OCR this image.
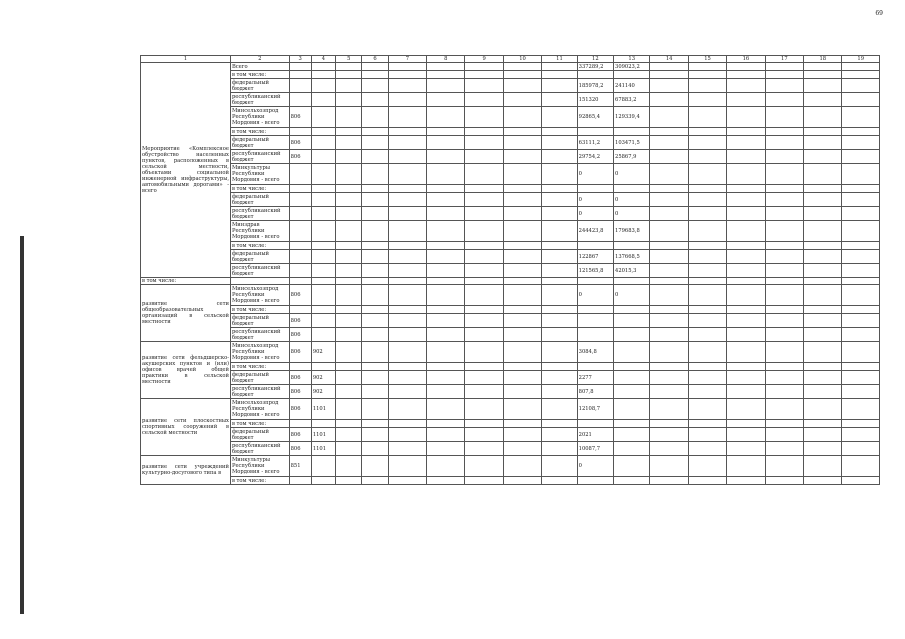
69
1	2	3	4	5	6	7	8	9	10	11	12	13	14	15	16	17	18	19
Мероприятие «Комплексное обустройство населенных пунктов, расположенных в сельской местности, объектами социальной инженерной инфраструктуры, автомобильными дорогами» - всего	Всего										337289,2	309023,2						
	в том числе:																	
	федеральный бюджет										185978,2	241140						
	республиканский бюджет										151320	67883,2						
	Минсельхозпрод Республики Мордовия - всего	806									92865,4	129339,4						
	в том числе:																	
	федеральный бюджет	806									63111,2	103471,5						
	республиканский бюджет	806									29754,2	25867,9						
	Минкультуры Республики Мордовия - всего										0	0						
	в том числе:																	
	федеральный бюджет										0	0						
	республиканский бюджет										0	0						
	Минздрав Республики Мордовия - всего										244423,8	179683,8						
	в том числе:																	
	федеральный бюджет										122867	137668,5						
	республиканский бюджет										121565,8	42015,3						
в том числе:																		
развитие сети общеобразовательных организаций в сельской местности	Минсельхозпрод Республики Мордовия - всего	806									0	0						
	в том числе:																	
	федеральный бюджет	806																
	республиканский бюджет	806																
развитие сети фельдшерско-акушерских пунктов и (или) офисов врачей общей практики в сельской местности	Минсельхозпрод Республики Мордовия - всего	806	902								3084,8							
	в том числе:																	
	федеральный бюджет	806	902								2277							
	республиканский бюджет	806	902								807,8							
развитие сети плоскостных спортивных сооружений в сельской местности	Минсельхозпрод Республики Мордовия - всего	806	1101								12108,7							
	в том числе:																	
	федеральный бюджет	806	1101								2021							
	республиканский бюджет	806	1101								10087,7							
развитие сети учреждений культурно-досугового типа в	Минкультуры Республики Мордовия - всего	851									0							
	в том числе:																	
